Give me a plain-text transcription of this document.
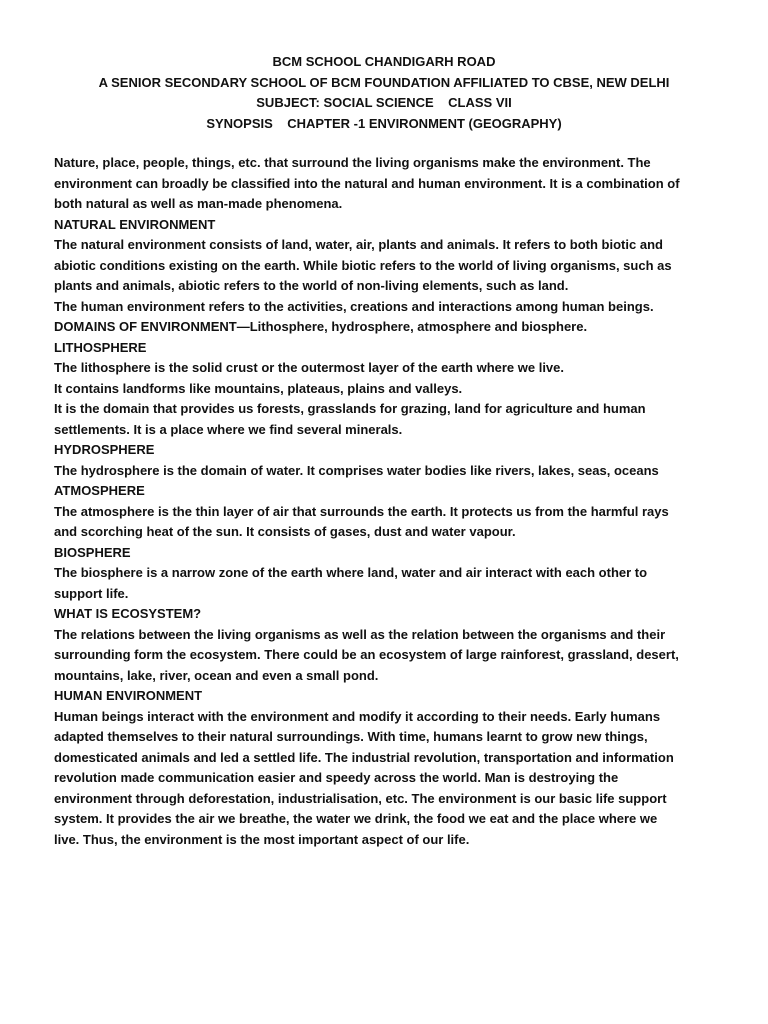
BCM SCHOOL CHANDIGARH ROAD
A SENIOR SECONDARY SCHOOL OF BCM FOUNDATION AFFILIATED TO CBSE, NEW DELHI
SUBJECT: SOCIAL SCIENCE    CLASS VII
SYNOPSIS    CHAPTER -1 ENVIRONMENT (GEOGRAPHY)
Nature, place, people, things, etc. that surround the living organisms make the environment. The
environment can broadly be classified into the natural and human environment. It is a combination of
both natural as well as man-made phenomena.
NATURAL ENVIRONMENT
The natural environment consists of land, water, air, plants and animals. It refers to both biotic and
abiotic conditions existing on the earth. While biotic refers to the world of living organisms, such as
plants and animals, abiotic refers to the world of non-living elements, such as land.
The human environment refers to the activities, creations and interactions among human beings.
DOMAINS OF ENVIRONMENT—Lithosphere, hydrosphere, atmosphere and biosphere.
LITHOSPHERE
The lithosphere is the solid crust or the outermost layer of the earth where we live.
It contains landforms like mountains, plateaus, plains and valleys.
It is the domain that provides us forests, grasslands for grazing, land for agriculture and human
settlements. It is a place where we find several minerals.
HYDROSPHERE
The hydrosphere is the domain of water. It comprises water bodies like rivers, lakes, seas, oceans
ATMOSPHERE
The atmosphere is the thin layer of air that surrounds the earth. It protects us from the harmful rays
and scorching heat of the sun. It consists of gases, dust and water vapour.
BIOSPHERE
The biosphere is a narrow zone of the earth where land, water and air interact with each other to
support life.
WHAT IS ECOSYSTEM?
The relations between the living organisms as well as the relation between the organisms and their
surrounding form the ecosystem. There could be an ecosystem of large rainforest, grassland, desert,
mountains, lake, river, ocean and even a small pond.
HUMAN ENVIRONMENT
Human beings interact with the environment and modify it according to their needs. Early humans
adapted themselves to their natural surroundings. With time, humans learnt to grow new things,
domesticated animals and led a settled life. The industrial revolution, transportation and information
revolution made communication easier and speedy across the world. Man is destroying the
environment through deforestation, industrialisation, etc. The environment is our basic life support
system. It provides the air we breathe, the water we drink, the food we eat and the place where we
live. Thus, the environment is the most important aspect of our life.
